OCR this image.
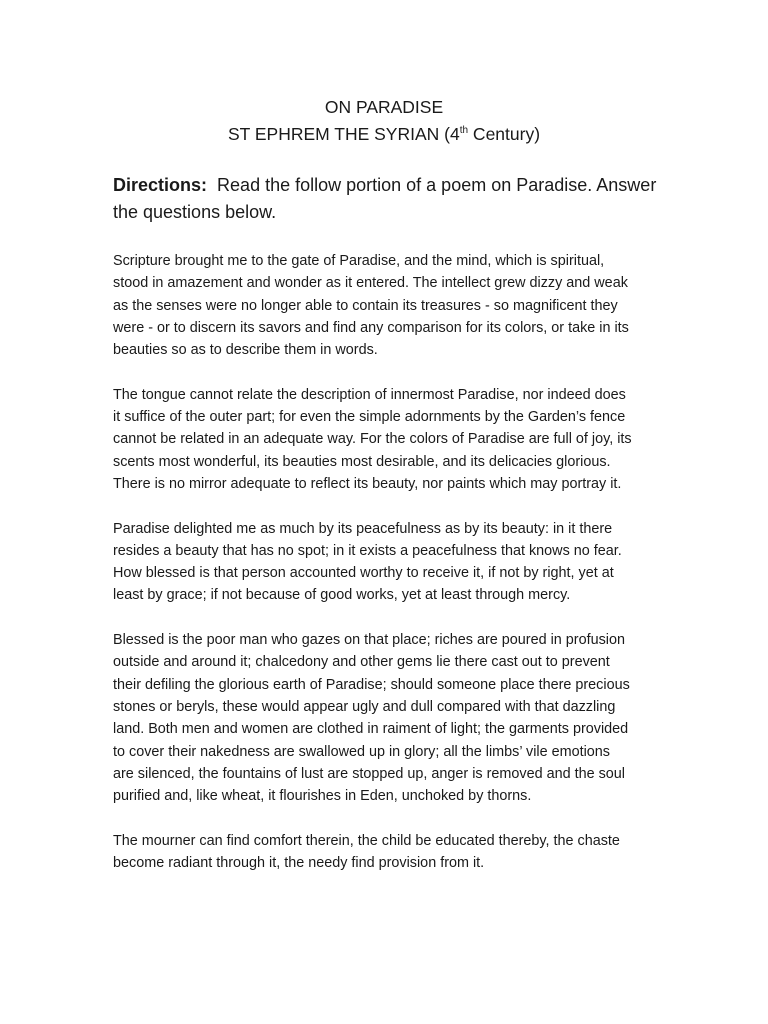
ON PARADISE
ST EPHREM THE SYRIAN (4th Century)
Directions: Read the follow portion of a poem on Paradise. Answer
the questions below.

Scripture brought me to the gate of Paradise, and the mind, which is spiritual,
stood in amazement and wonder as it entered. The intellect grew dizzy and weak
as the senses were no longer able to contain its treasures - so magnificent they
were - or to discern its savors and find any comparison for its colors, or take in its
beauties so as to describe them in words.

The tongue cannot relate the description of innermost Paradise, nor indeed does
it suffice of the outer part; for even the simple adornments by the Garden’s fence
cannot be related in an adequate way. For the colors of Paradise are full of joy, its
scents most wonderful, its beauties most desirable, and its delicacies glorious.
There is no mirror adequate to reflect its beauty, nor paints which may portray it.

Paradise delighted me as much by its peacefulness as by its beauty: in it there
resides a beauty that has no spot; in it exists a peacefulness that knows no fear.
How blessed is that person accounted worthy to receive it, if not by right, yet at
least by grace; if not because of good works, yet at least through mercy.

Blessed is the poor man who gazes on that place; riches are poured in profusion
outside and around it; chalcedony and other gems lie there cast out to prevent
their defiling the glorious earth of Paradise; should someone place there precious
stones or beryls, these would appear ugly and dull compared with that dazzling
land. Both men and women are clothed in raiment of light; the garments provided
to cover their nakedness are swallowed up in glory; all the limbs’ vile emotions
are silenced, the fountains of lust are stopped up, anger is removed and the soul
purified and, like wheat, it flourishes in Eden, unchoked by thorns.

The mourner can find comfort therein, the child be educated thereby, the chaste
become radiant through it, the needy find provision from it.
